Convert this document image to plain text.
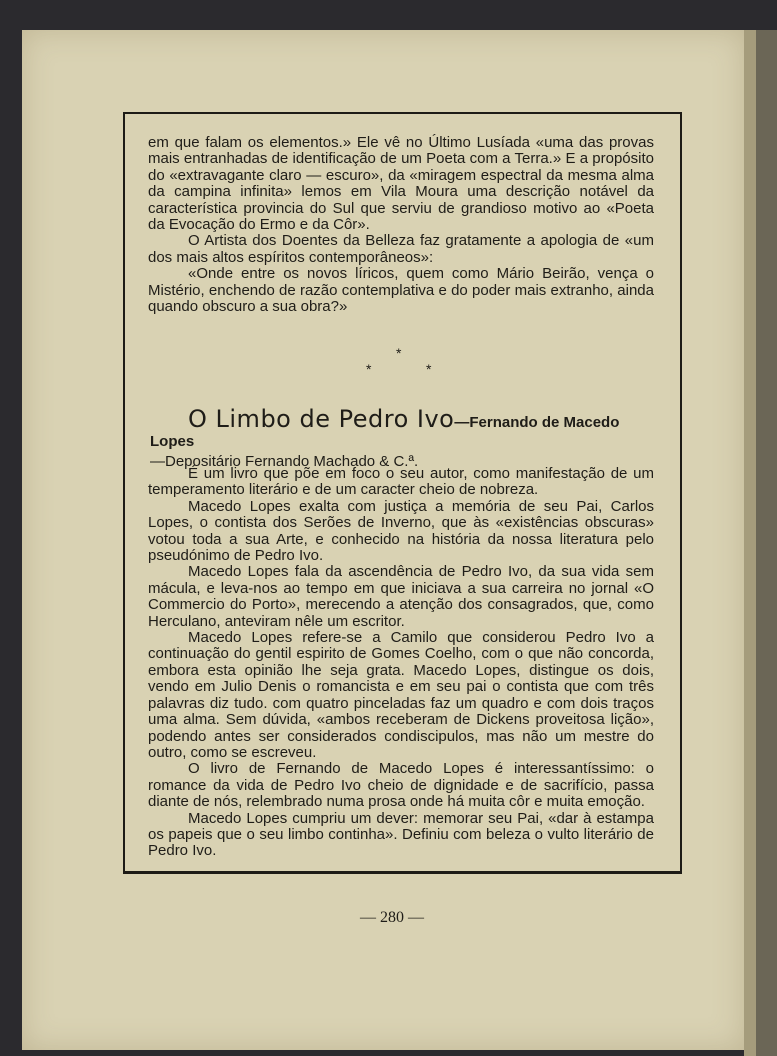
em que falam os elementos.» Ele vê no Último Lusíada «uma das provas mais entranhadas de identificação de um Poeta com a Terra.» E a propósito do «extravagante claro — escuro», da «miragem espectral da mesma alma da campina infinita» lemos em Vila Moura uma descrição notável da característica provincia do Sul que serviu de grandioso motivo ao «Poeta da Evocação do Ermo e da Côr».

O Artista dos Doentes da Belleza faz gratamente a apologia de «um dos mais altos espíritos contemporâneos»:

«Onde entre os novos líricos, quem como Mário Beirão, vença o Mistério, enchendo de razão contemplativa e do poder mais extranho, ainda quando obscuro a sua obra?»

*
*	*
O Limbo de Pedro Ivo—Fernando de Macedo Lopes
—Depositário Fernando Machado & C.ª.

É um livro que põe em foco o seu autor, como manifestação de um temperamento literário e de um caracter cheio de nobreza.

Macedo Lopes exalta com justiça a memória de seu Pai, Carlos Lopes, o contista dos Serões de Inverno, que às «existências obscuras» votou toda a sua Arte, e conhecido na história da nossa literatura pelo pseudónimo de Pedro Ivo.

Macedo Lopes fala da ascendência de Pedro Ivo, da sua vida sem mácula, e leva-nos ao tempo em que iniciava a sua carreira no jornal «O Commercio do Porto», merecendo a atenção dos consagrados, que, como Herculano, anteviram nêle um escritor.

Macedo Lopes refere-se a Camilo que considerou Pedro Ivo a continuação do gentil espirito de Gomes Coelho, com o que não concorda, embora esta opinião lhe seja grata. Macedo Lopes, distingue os dois, vendo em Julio Denis o romancista e em seu pai o contista que com três palavras diz tudo. com quatro pinceladas faz um quadro e com dois traços uma alma. Sem dúvida, «ambos receberam de Dickens proveitosa lição», podendo antes ser considerados condiscipulos, mas não um mestre do outro, como se escreveu.

O livro de Fernando de Macedo Lopes é interessantíssimo: o romance da vida de Pedro Ivo cheio de dignidade e de sacrifício, passa diante de nós, relembrado numa prosa onde há muita côr e muita emoção.

Macedo Lopes cumpriu um dever: memorar seu Pai, «dar à estampa os papeis que o seu limbo continha». Definiu com beleza o vulto literário de Pedro Ivo.

— 280 —
